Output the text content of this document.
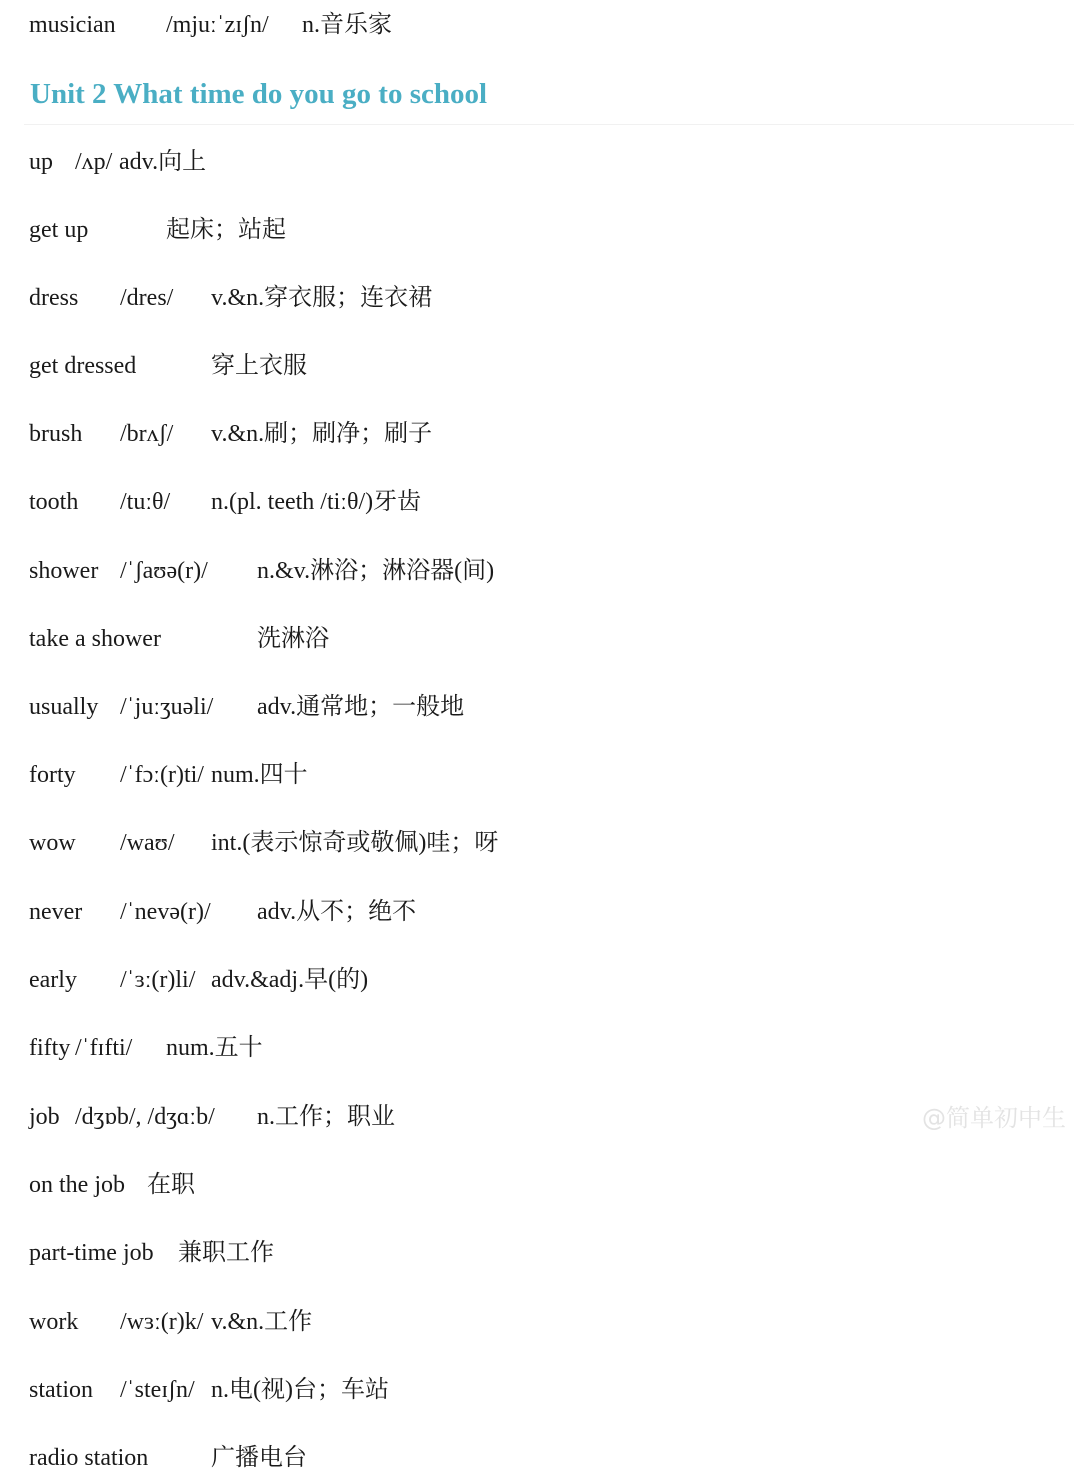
musician /mjuːˈzɪʃn/ n.音乐家
Unit 2 What time do you go to school
up /ʌp/ adv.向上
get up	起床；站起
dress /dres/ v.&n.穿衣服；连衣裙
get dressed	穿上衣服
brush /brʌʃ/ v.&n.刷；刷净；刷子
tooth /tuːθ/ n.(pl. teeth /tiːθ/)牙齿
shower /ˈʃaʊə(r)/ n.&v.淋浴；淋浴器(间)
take a shower	洗淋浴
usually /ˈjuːʒuəli/ adv.通常地；一般地
forty /ˈfɔː(r)ti/ num.四十
wow /waʊ/ int.(表示惊奇或敬佩)哇；呀
never /ˈnevə(r)/ adv.从不；绝不
early /ˈɜː(r)li/ adv.&adj.早(的)
fifty /ˈfɪfti/ num.五十
job /dʒɒb/, /dʒɑːb/ n.工作；职业
on the job 在职
part-time job 兼职工作
work /wɜː(r)k/ v.&n.工作
station /ˈsteɪʃn/ n.电(视)台；车站
radio station	广播电台
@简单初中生
